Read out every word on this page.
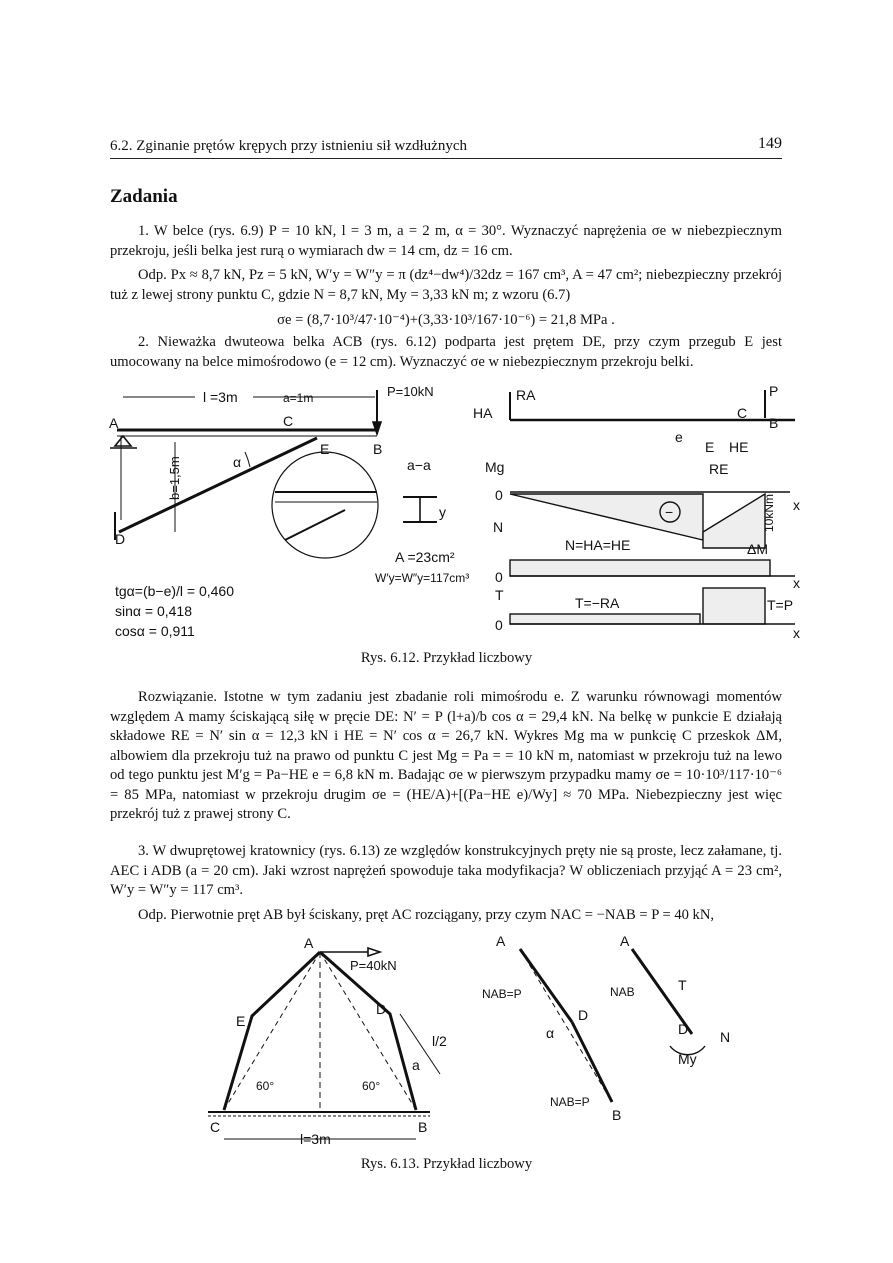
6.2. Zginanie prętów krępych przy istnieniu sił wzdłużnych	149
Zadania
1. W belce (rys. 6.9) P = 10 kN, l = 3 m, a = 2 m, α = 30°. Wyznaczyć naprężenia σe w niebezpiecznym przekroju, jeśli belka jest rurą o wymiarach dw = 14 cm, dz = 16 cm.
Odp. Px ≈ 8,7 kN, Pz = 5 kN, W′y = W″y = π (dz⁴−dw⁴)/32dz = 167 cm³, A = 47 cm²; niebezpieczny przekrój tuż z lewej strony punktu C, gdzie N = 8,7 kN, My = 3,33 kN m; z wzoru (6.7)
σe = (8,7·10³/47·10⁻⁴)+(3,33·10³/167·10⁻⁶) = 21,8 MPa .
2. Nieważka dwuteowa belka ACB (rys. 6.12) podparta jest prętem DE, przy czym przegub E jest umocowany na belce mimośrodowo (e = 12 cm). Wyznaczyć σe w niebezpiecznym przekroju belki.
l =3m	a=1m	P=10kN
A	C
E	B
α
b=1,5m
D
a−a
y
A =23cm²
W′y=W″y=117cm³
tgα=(b−e)/l = 0,460
sinα = 0,418
cosα = 0,911
RA
HA	C
P
B
e
E HE
RE
Mg
0
−	10kNm x
ΔM
N
N=HA=HE
0	x
T	T=−RA	T=P
0	x
Rys. 6.12. Przykład liczbowy
Rozwiązanie. Istotne w tym zadaniu jest zbadanie roli mimośrodu e. Z warunku równowagi momentów względem A mamy ściskającą siłę w pręcie DE: N′ = P (l+a)/b cos α = 29,4 kN. Na belkę w punkcie E działają składowe RE = N′ sin α = 12,3 kN i HE = N′ cos α = 26,7 kN. Wykres Mg ma w punkcię C przeskok ΔM, albowiem dla przekroju tuż na prawo od punktu C jest Mg = Pa = = 10 kN m, natomiast w przekroju tuż na lewo od tego punktu jest M′g = Pa−HE e = 6,8 kN m. Badając σe w pierwszym przypadku mamy σe = 10·10³/117·10⁻⁶ = 85 MPa, natomiast w przekroju drugim σe = (HE/A)+[(Pa−HE e)/Wy] ≈ 70 MPa. Niebezpieczny jest więc przekrój tuż z prawej strony C.
3. W dwuprętowej kratownicy (rys. 6.13) ze względów konstrukcyjnych pręty nie są proste, lecz załamane, tj. AEC i ADB (a = 20 cm). Jaki wzrost naprężeń spowoduje taka modyfikacja? W obliczeniach przyjąć A = 23 cm², W′y = W″y = 117 cm³.
Odp. Pierwotnie pręt AB był ściskany, pręt AC rozciągany, przy czym NAC = −NAB = P = 40 kN,
A
P=40kN
E
D
l/2
a
60°	60°
C	B
l=3m
A
NAB=P
α
D
NAB=P
B
A
NAB	T
D N
My
Rys. 6.13. Przykład liczbowy
